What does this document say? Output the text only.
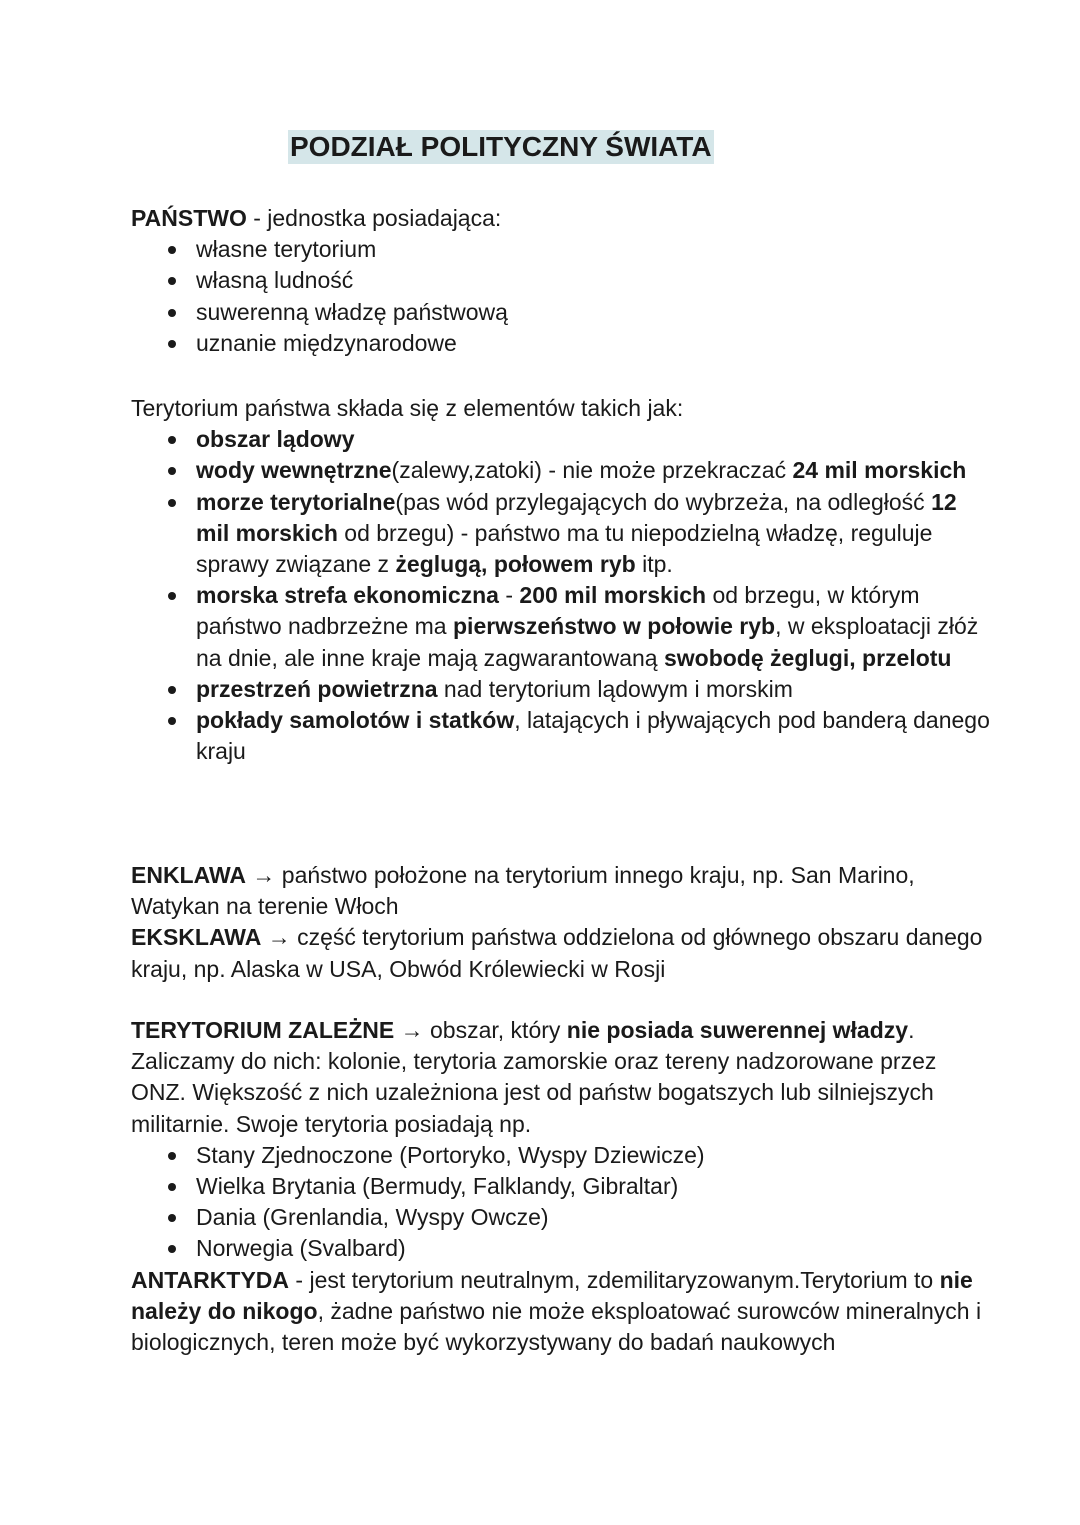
PODZIAŁ POLITYCZNY ŚWIATA

PAŃSTWO - jednostka posiadająca:

własne terytorium
własną ludność
suwerenną władzę państwową
uznanie międzynarodowe

Terytorium państwa składa się z elementów takich jak:

obszar lądowy
wody wewnętrzne(zalewy,zatoki) - nie może przekraczać 24 mil morskich
morze terytorialne(pas wód przylegających do wybrzeża, na odległość 12 mil morskich od brzegu) - państwo ma tu niepodzielną władzę, reguluje sprawy związane z żeglugą, połowem ryb itp.
morska strefa ekonomiczna - 200 mil morskich od brzegu, w którym państwo nadbrzeżne ma pierwszeństwo w połowie ryb, w eksploatacji złóż na dnie, ale inne kraje mają zagwarantowaną swobodę żeglugi, przelotu
przestrzeń powietrzna nad terytorium lądowym i morskim
pokłady samolotów i statków, latających i pływających pod banderą danego kraju

ENKLAWA → państwo położone na terytorium innego kraju, np. San Marino, Watykan na terenie Włoch

EKSKLAWA → część terytorium państwa oddzielona od głównego obszaru danego kraju, np. Alaska w USA, Obwód Królewiecki w Rosji

TERYTORIUM ZALEŻNE → obszar, który nie posiada suwerennej władzy. Zaliczamy do nich: kolonie, terytoria zamorskie oraz tereny nadzorowane przez ONZ. Większość z nich uzależniona jest od państw bogatszych lub silniejszych militarnie. Swoje terytoria posiadają np.

Stany Zjednoczone (Portoryko, Wyspy Dziewicze)
Wielka Brytania (Bermudy, Falklandy, Gibraltar)
Dania (Grenlandia, Wyspy Owcze)
Norwegia (Svalbard)

ANTARKTYDA - jest terytorium neutralnym, zdemilitaryzowanym.Terytorium to nie należy do nikogo, żadne państwo nie może eksploatować surowców mineralnych i biologicznych, teren może być wykorzystywany do badań naukowych
